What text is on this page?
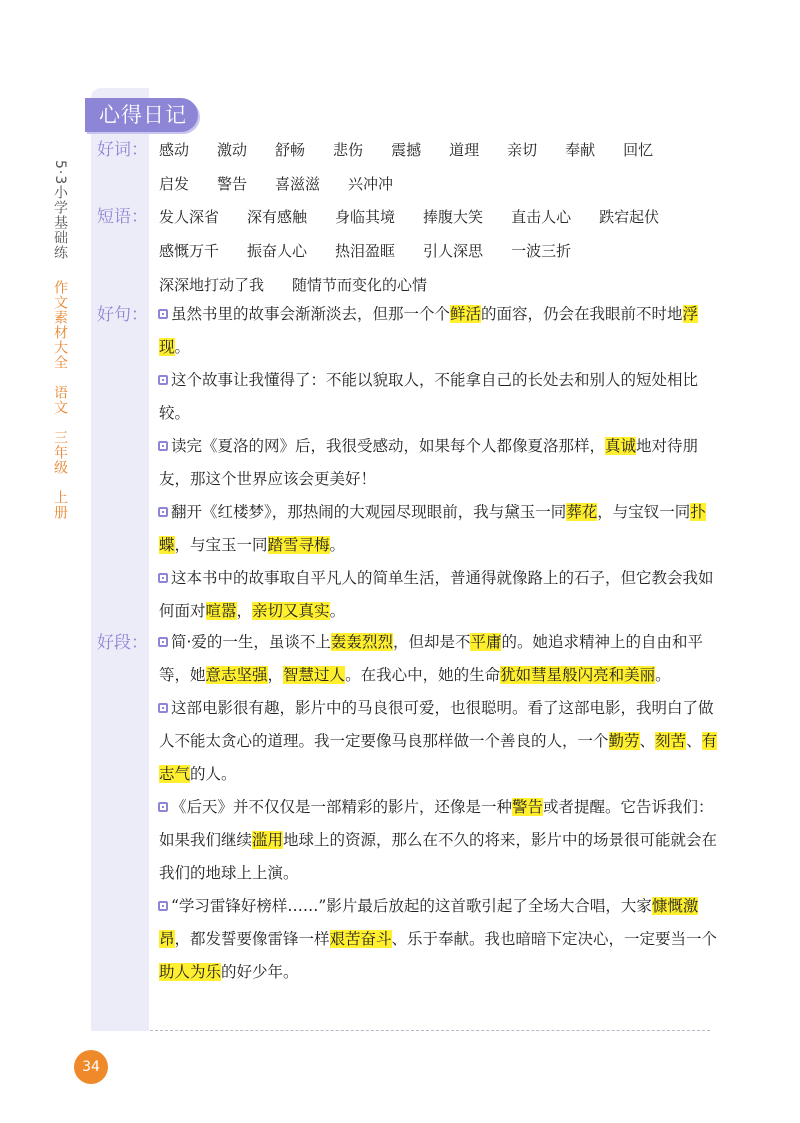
5·3小学基础练 作文素材大全　语文　三年级　上册
心得日记
好词： 感动 激动 舒畅 悲伤 震撼 道理 亲切 奉献 回忆启发 警告 喜滋滋 兴冲冲
短语： 发人深省 深有感触 身临其境 捧腹大笑 直击人心 跌宕起伏感慨万千 振奋人心 热泪盈眶 引人深思 一波三折深深地打动了我 随情节而变化的心情
好句：	虽然书里的故事会渐渐淡去，但那一个个鲜活的面容，仍会在我眼前不时地浮现。

这个故事让我懂得了：不能以貌取人，不能拿自己的长处去和别人的短处相比较。

读完《夏洛的网》后，我很受感动，如果每个人都像夏洛那样，真诚地对待朋友，那这个世界应该会更美好！

翻开《红楼梦》，那热闹的大观园尽现眼前，我与黛玉一同葬花，与宝钗一同扑蝶，与宝玉一同踏雪寻梅。

这本书中的故事取自平凡人的简单生活，普通得就像路上的石子，但它教会我如何面对喧嚣，亲切又真实。

好段：	简·爱的一生，虽谈不上轰轰烈烈，但却是不平庸的。她追求精神上的自由和平等，她意志坚强，智慧过人。在我心中，她的生命犹如彗星般闪亮和美丽。

这部电影很有趣，影片中的马良很可爱，也很聪明。看了这部电影，我明白了做人不能太贪心的道理。我一定要像马良那样做一个善良的人，一个勤劳、刻苦、有志气的人。

《后天》并不仅仅是一部精彩的影片，还像是一种警告或者提醒。它告诉我们：如果我们继续滥用地球上的资源，那么在不久的将来，影片中的场景很可能就会在我们的地球上上演。

“学习雷锋好榜样……”影片最后放起的这首歌引起了全场大合唱，大家慷慨激昂，都发誓要像雷锋一样艰苦奋斗、乐于奉献。我也暗暗下定决心，一定要当一个助人为乐的好少年。

34
